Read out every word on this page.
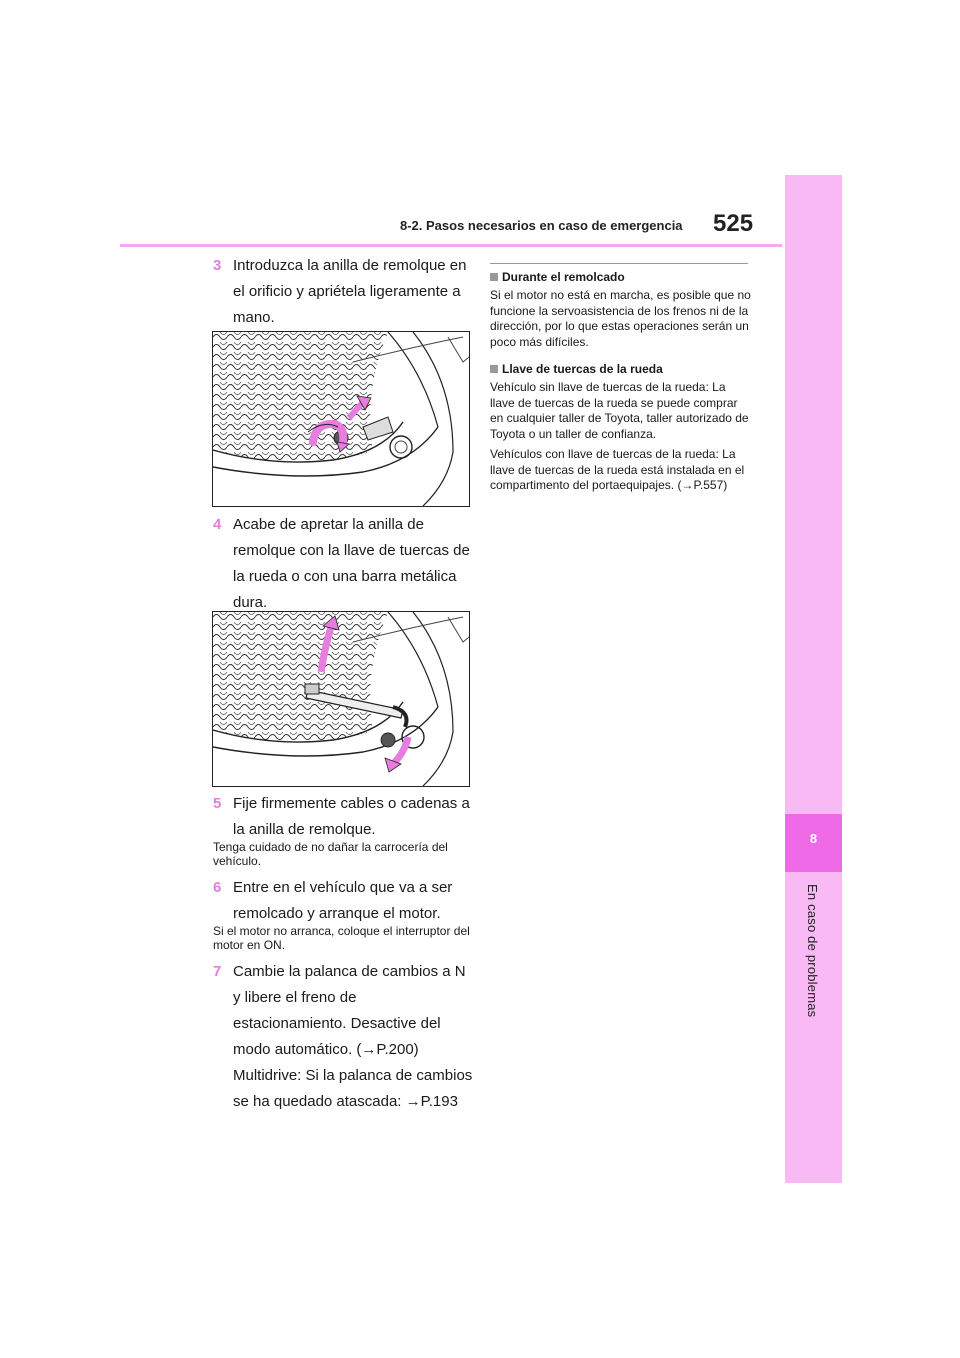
8-2. Pasos necesarios en caso de emergencia 525
8
En caso de problemas
3 Introduzca la anilla de remolque en el orificio y apriétela ligeramente a mano.
4 Acabe de apretar la anilla de remolque con la llave de tuercas de la rueda o con una barra metálica dura.
5 Fije firmemente cables o cadenas a la anilla de remolque.
Tenga cuidado de no dañar la carrocería del vehículo.
6 Entre en el vehículo que va a ser remolcado y arranque el motor.
Si el motor no arranca, coloque el interruptor del motor en ON.
7 Cambie la palanca de cambios a N y libere el freno de estacionamiento. Desactive del modo automático. (→P.200) Multidrive: Si la palanca de cambios se ha quedado atascada: →P.193
Durante el remolcado
Si el motor no está en marcha, es posible que no funcione la servoasistencia de los frenos ni de la dirección, por lo que estas operaciones serán un poco más difíciles.
Llave de tuercas de la rueda
Vehículo sin llave de tuercas de la rueda: La llave de tuercas de la rueda se puede comprar en cualquier taller de Toyota, taller autorizado de Toyota o un taller de confianza.
Vehículos con llave de tuercas de la rueda: La llave de tuercas de la rueda está instalada en el compartimento del portaequipajes. (→P.557)
